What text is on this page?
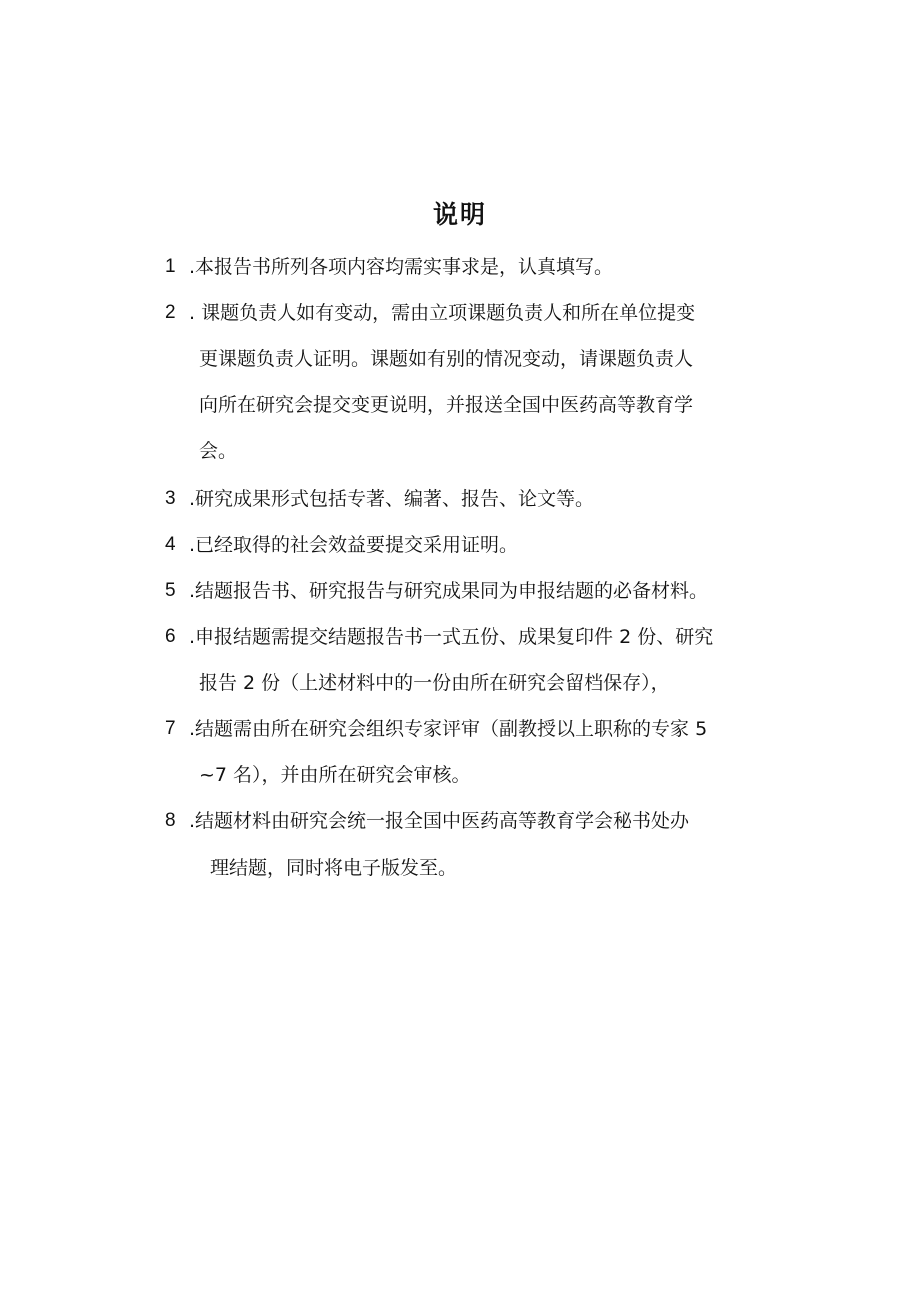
说明
1 .本报告书所列各项内容均需实事求是，认真填写。
2 . 课题负责人如有变动，需由立项课题负责人和所在单位提变
更课题负责人证明。课题如有别的情况变动，请课题负责人
向所在研究会提交变更说明，并报送全国中医药高等教育学
会。
3 .研究成果形式包括专著、编著、报告、论文等。
4 .已经取得的社会效益要提交采用证明。
5 .结题报告书、研究报告与研究成果同为申报结题的必备材料。
6 .申报结题需提交结题报告书一式五份、成果复印件 2 份、研究
报告 2 份（上述材料中的一份由所在研究会留档保存），
7 .结题需由所在研究会组织专家评审（副教授以上职称的专家 5
~7 名），并由所在研究会审核。
8 .结题材料由研究会统一报全国中医药高等教育学会秘书处办
理结题，同时将电子版发至。
